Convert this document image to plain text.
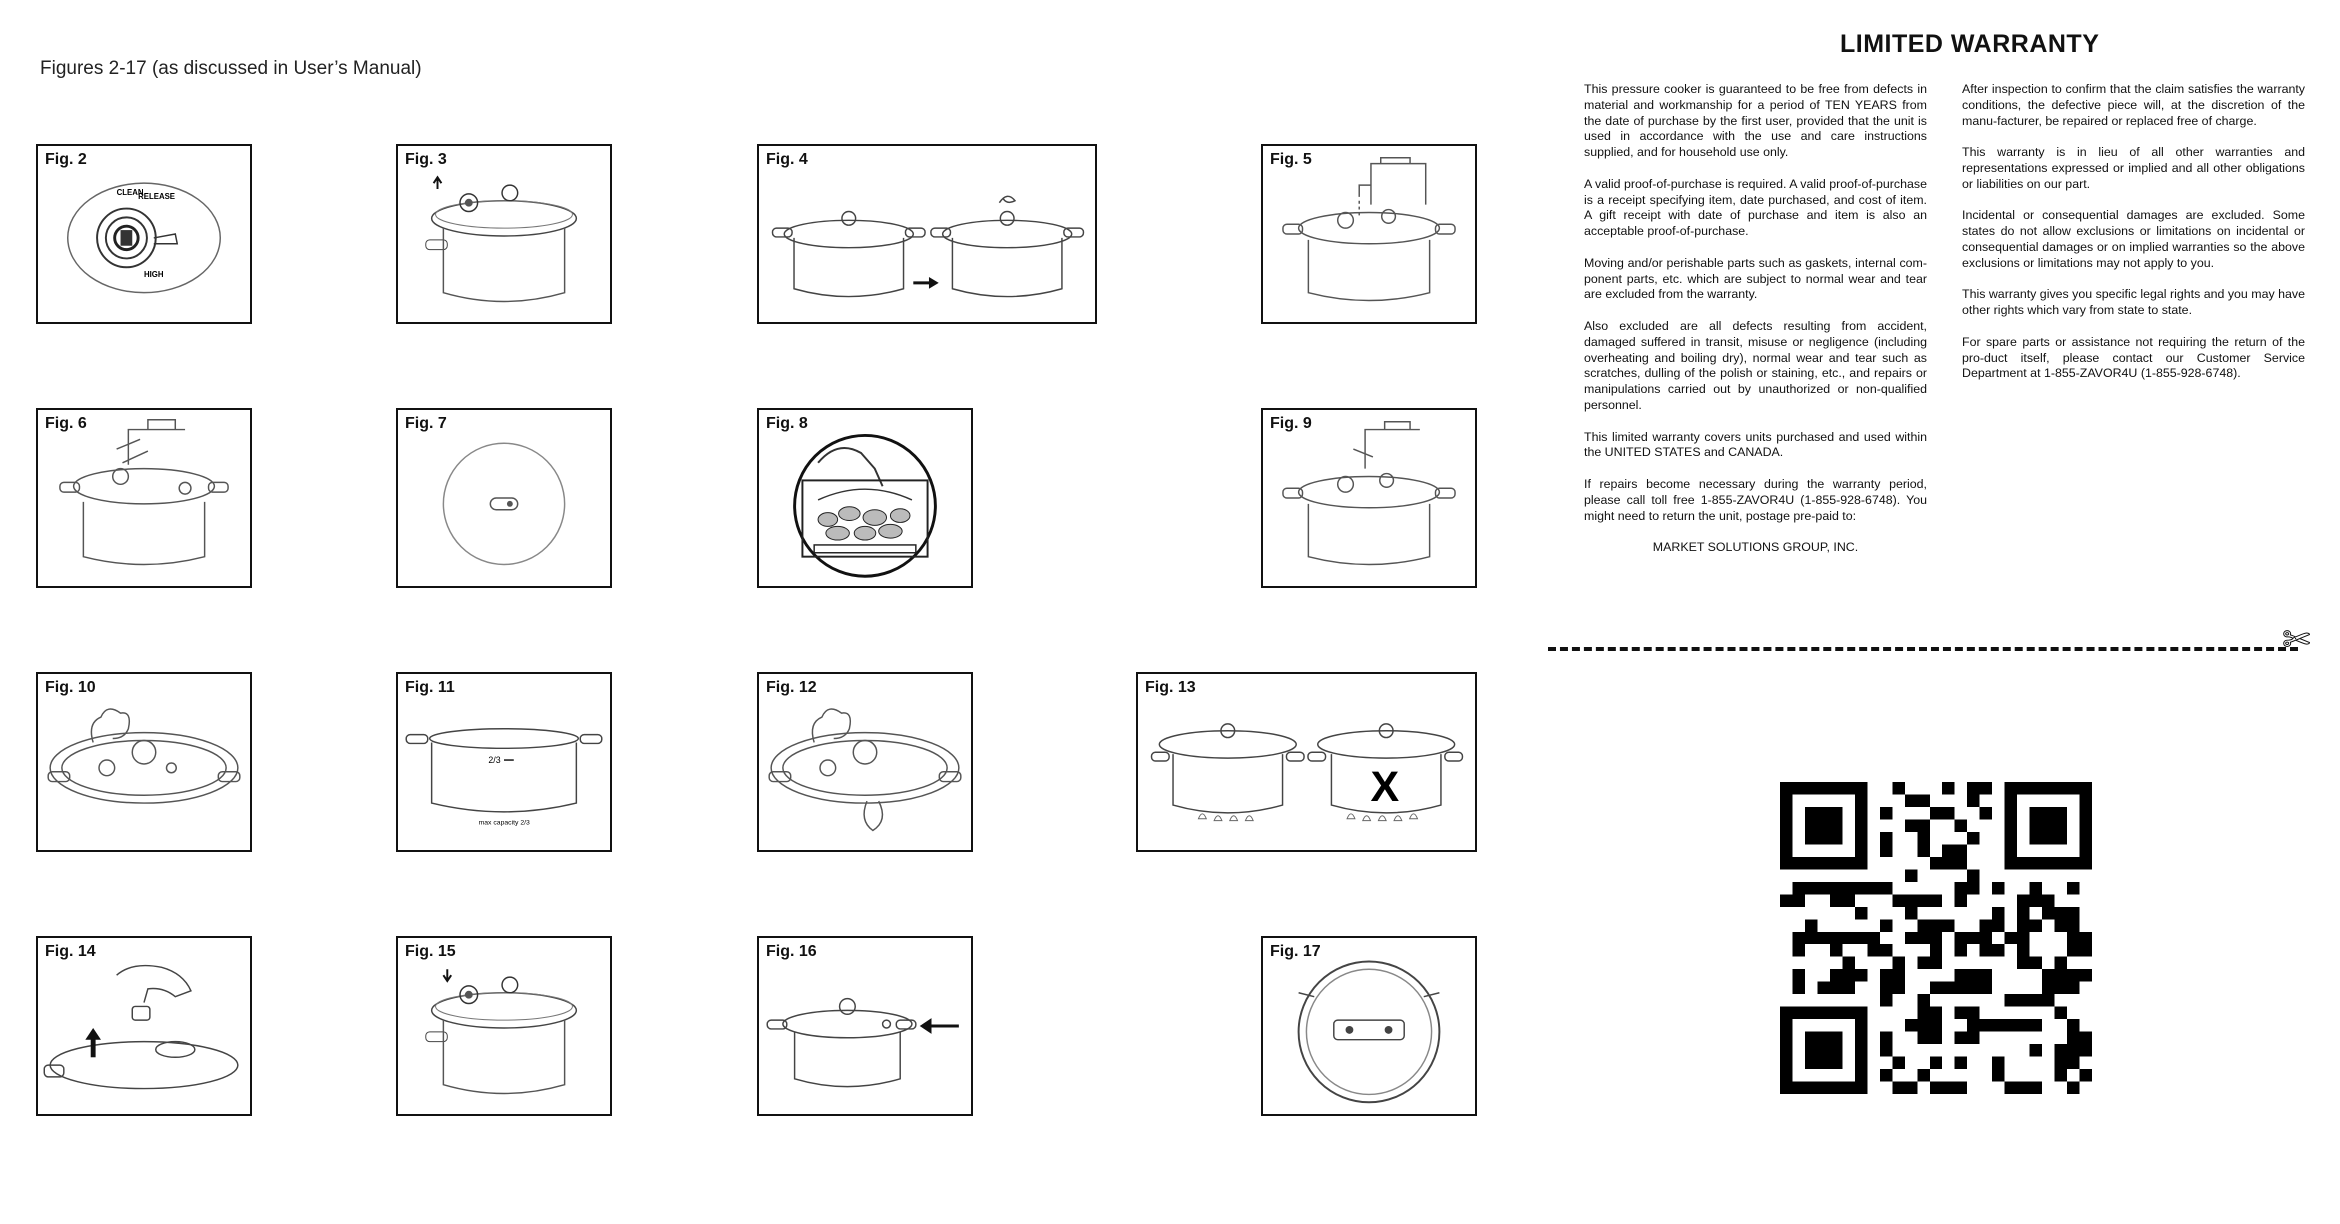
Figures 2-17 (as discussed in User’s Manual)
Fig. 2
CLEAN
RELEASE
HIGH
Fig. 3	Fig. 4	Fig. 5
Fig. 6	Fig. 7	Fig. 8	Fig. 9
Fig. 10	Fig. 11
2/3
max capacity 2/3
Fig. 12	Fig. 13
X
Fig. 14	Fig. 15	Fig. 16	Fig. 17
LIMITED WARRANTY

This pressure cooker is guaranteed to be free from defects in material and workmanship for a period of TEN YEARS from the date of purchase by the first user, provided that the unit is used in accordance with the use and care instructions supplied, and for household use only.

A valid proof-of-purchase is required. A valid proof-of-purchase is a receipt specifying item, date purchased, and cost of item. A gift receipt with date of purchase and item is also an acceptable proof-of-purchase.

Moving and/or perishable parts such as gaskets, internal com-ponent parts, etc. which are subject to normal wear and tear are excluded from the warranty.

Also excluded are all defects resulting from accident, damaged suffered in transit, misuse or negligence (including overheating and boiling dry), normal wear and tear such as scratches, dulling of the polish or staining, etc., and repairs or manipulations carried out by unauthorized or non-qualified personnel.

This limited warranty covers units purchased and used within the UNITED STATES and CANADA.

If repairs become necessary during the warranty period, please call toll free 1-855-ZAVOR4U (1-855-928-6748). You might need to return the unit, postage pre-paid to:

MARKET SOLUTIONS GROUP, INC.

After inspection to confirm that the claim satisfies the warranty conditions, the defective piece will, at the discretion of the manu-facturer, be repaired or replaced free of charge.

This warranty is in lieu of all other warranties and representations expressed or implied and all other obligations or liabilities on our part.

Incidental or consequential damages are excluded. Some states do not allow exclusions or limitations on incidental or consequential damages or on implied warranties so the above exclusions or limitations may not apply to you.

This warranty gives you specific legal rights and you may have other rights which vary from state to state.

For spare parts or assistance not requiring the return of the pro-duct itself, please contact our Customer Service Department at 1-855-ZAVOR4U (1-855-928-6748).

✄
